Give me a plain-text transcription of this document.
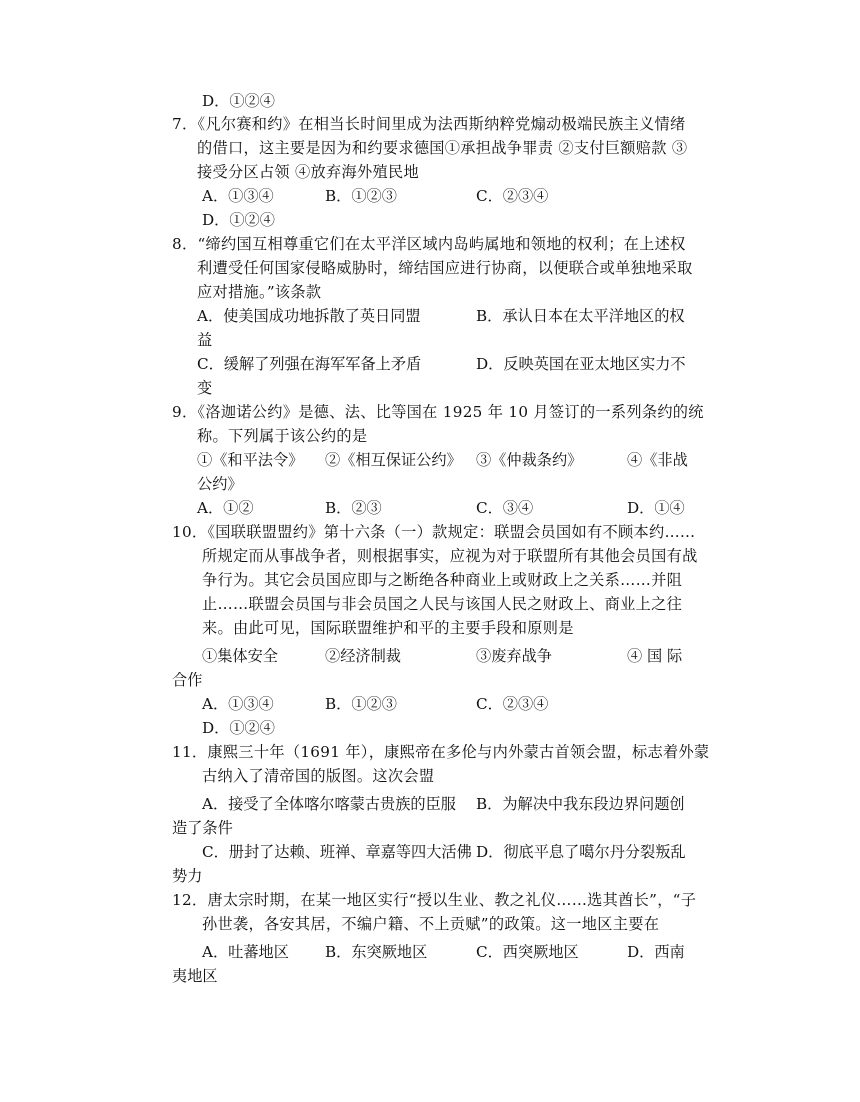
D．①②④
7．《凡尔赛和约》在相当长时间里成为法西斯纳粹党煽动极端民族主义情绪
的借口，这主要是因为和约要求德国①承担战争罪责 ②支付巨额赔款 ③
接受分区占领 ④放弃海外殖民地
A．①③④	B．①②③	C．②③④
D．①②④
8．“缔约国互相尊重它们在太平洋区域内岛屿属地和领地的权利；在上述权
利遭受任何国家侵略威胁时，缔结国应进行协商，以便联合或单独地采取
应对措施。”该条款
A．使美国成功地拆散了英日同盟	B．承认日本在太平洋地区的权
益
C．缓解了列强在海军军备上矛盾	D．反映英国在亚太地区实力不
变
9．《洛迦诺公约》是德、法、比等国在 1925 年 10 月签订的一系列条约的统
称。下列属于该公约的是
①《和平法令》 ②《相互保证公约》 ③《仲裁条约》	④《非战
公约》
A．①②	B．②③	C．③④	D．①④
10．《国联联盟盟约》第十六条（一）款规定：联盟会员国如有不顾本约……
所规定而从事战争者，则根据事实，应视为对于联盟所有其他会员国有战
争行为。其它会员国应即与之断绝各种商业上或财政上之关系……并阻
止……联盟会员国与非会员国之人民与该国人民之财政上、商业上之往
来。由此可见，国际联盟维护和平的主要手段和原则是
①集体安全	②经济制裁	③废弃战争	④ 国 际
合作
A．①③④	B．①②③	C．②③④
D．①②④
11．康熙三十年（1691 年），康熙帝在多伦与内外蒙古首领会盟，标志着外蒙
古纳入了清帝国的版图。这次会盟
A．接受了全体喀尔喀蒙古贵族的臣服 B．为解决中我东段边界问题创
造了条件
C．册封了达赖、班禅、章嘉等四大活佛 D．彻底平息了噶尔丹分裂叛乱
势力
12．唐太宗时期，在某一地区实行“授以生业、教之礼仪……选其酋长”，“子
孙世袭，各安其居，不编户籍、不上贡赋”的政策。这一地区主要在
A．吐蕃地区 B．东突厥地区	C．西突厥地区	D．西南
夷地区
